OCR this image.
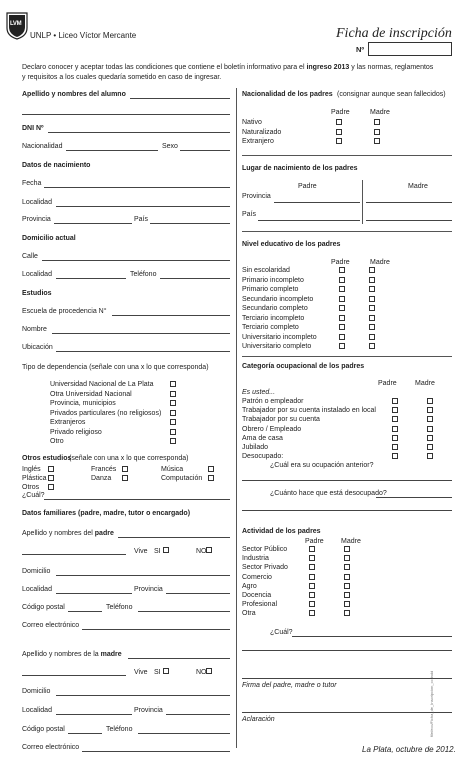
LVM
UNLP • Liceo Víctor Mercante	Ficha de inscripción
Nº
Declaro conocer y aceptar todas las condiciones que contiene el boletín informativo para el ingreso 2013 y las normas, reglamentos
y requisitos a los cuales quedaría sometido en caso de ingresar.
Apellido y nombres del alumno
DNI Nº
Nacionalidad	Sexo
Datos de nacimiento
Fecha
Localidad
Provincia	País
Domicilio actual
Calle
Localidad	Teléfono
Estudios
Escuela de procedencia N°
Nombre
Ubicación
Tipo de dependencia (señale con una x lo que corresponda)
Universidad Nacional de La Plata
Otra Universidad Nacional
Provincia, municipios
Privados particulares (no religiosos)
Extranjeros
Privado religioso
Otro
Otros estudios
(señale con una x lo que corresponda)
Inglés	Francés	Música
Plástica	Danza	Computación
Otros
¿Cuál?
Datos familiares (padre, madre, tutor o encargado)
Apellido y nombres del padre
Vive SI	NO
Domicilio
Localidad	Provincia
Código postal	Teléfono
Correo electrónico
Apellido y nombres de la madre
Vive SI	NO
Domicilio
Localidad	Provincia
Código postal	Teléfono
Correo electrónico
Nacionalidad de los padres (consignar aunque sean fallecidos)
Padre	Madre
Nativo
Naturalizado
Extranjero
Lugar de nacimiento de los padres
Padre	Madre
Provincia
País
Nivel educativo de los padres
Padre	Madre
Sin escolaridad
Primario incompleto
Primario completo
Secundario incompleto
Secundario completo
Terciario incompleto
Terciario completo
Universitario incompleto
Universitario completo
Categoría ocupacional de los padres
Padre	Madre
Es usted...
Patrón o empleador
Trabajador por su cuenta instalado en local
Trabajador por su cuenta
Obrero / Empleado
Ama de casa
Jubilado
Desocupado:
¿Cuál era su ocupación anterior?
¿Cuánto hace que está desocupado?
Actividad de los padres
Padre Madre
Sector Público
Industria
Sector Privado
Comercio
Agro
Docencia
Profesional
Otra
¿Cuál?
Firma del padre, madre o tutor
Aclaración
La Plata, octubre de 2012.
file/ecc/Ficha_de_Inscripcion_cc.indd
